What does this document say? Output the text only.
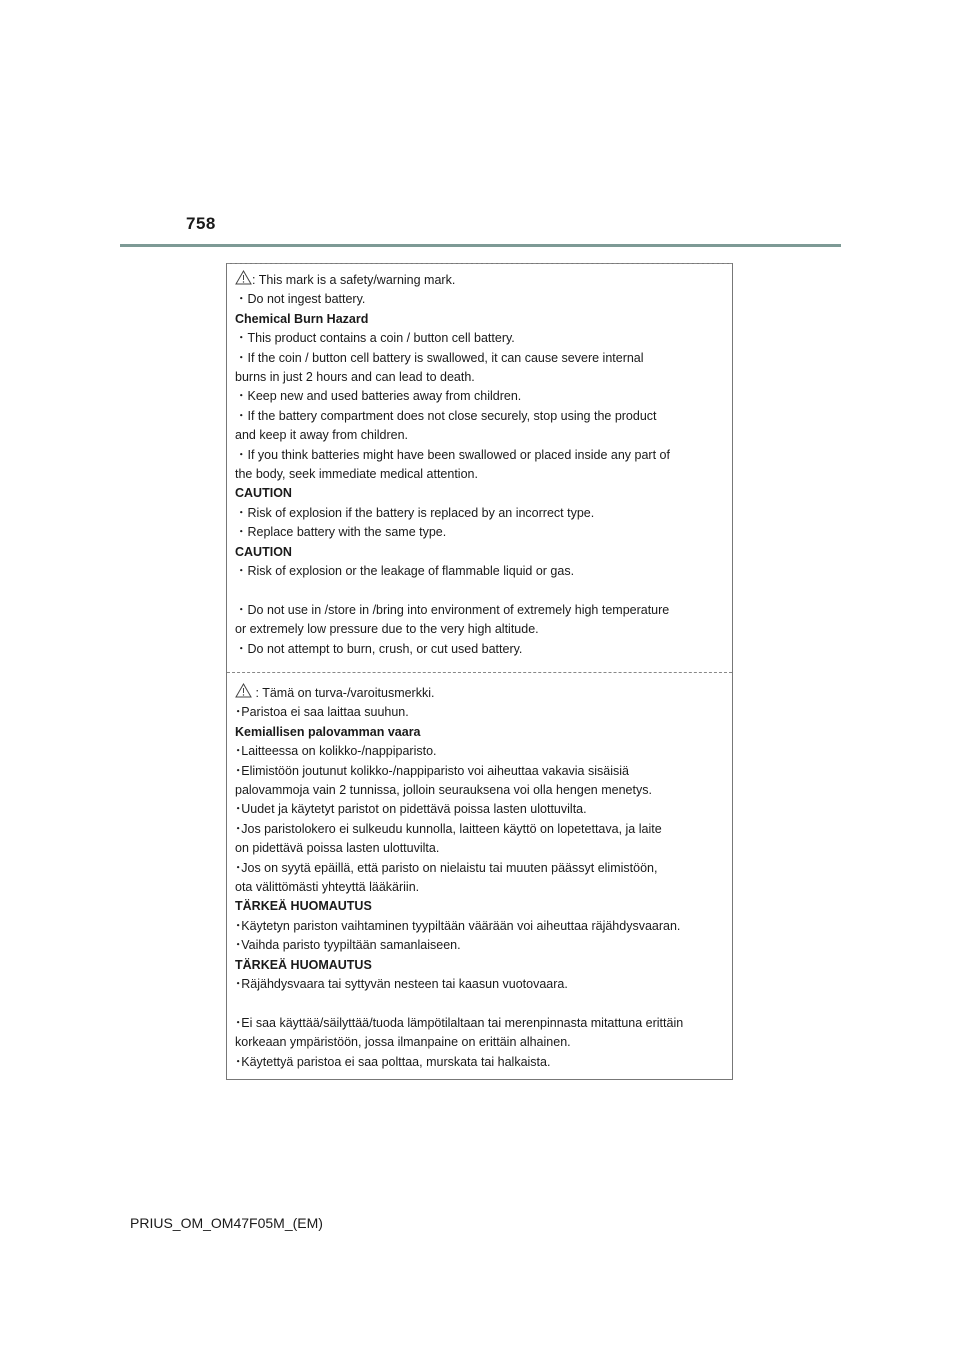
758
: This mark is a safety/warning mark.
・Do not ingest battery.
Chemical Burn Hazard
・This product contains a coin / button cell battery.
・If the coin / button cell battery is swallowed, it can cause severe internal
burns in just 2 hours and can lead to death.
・Keep new and used batteries away from children.
・If the battery compartment does not close securely, stop using the product
and keep it away from children.
・If you think batteries might have been swallowed or placed inside any part of
the body, seek immediate medical attention.
CAUTION
・Risk of explosion if the battery is replaced by an incorrect type.
・Replace battery with the same type.
CAUTION
・Risk of explosion or the leakage of flammable liquid or gas.
・Do not use in /store in /bring into environment of extremely high temperature
or extremely low pressure due to the very high altitude.
・Do not attempt to burn, crush, or cut used battery.
: Tämä on turva-/varoitusmerkki.
･Paristoa ei saa laittaa suuhun.
Kemiallisen palovamman vaara
･Laitteessa on kolikko-/nappiparisto.
･Elimistöön joutunut kolikko-/nappiparisto voi aiheuttaa vakavia sisäisiä
palovammoja vain 2 tunnissa, jolloin seurauksena voi olla hengen menetys.
･Uudet ja käytetyt paristot on pidettävä poissa lasten ulottuvilta.
･Jos paristolokero ei sulkeudu kunnolla, laitteen käyttö on lopetettava, ja laite
on pidettävä poissa lasten ulottuvilta.
･Jos on syytä epäillä, että paristo on nielaistu tai muuten päässyt elimistöön,
ota välittömästi yhteyttä lääkäriin.
TÄRKEÄ HUOMAUTUS
･Käytetyn pariston vaihtaminen tyypiltään väärään voi aiheuttaa räjähdysvaaran.
･Vaihda paristo tyypiltään samanlaiseen.
TÄRKEÄ HUOMAUTUS
･Räjähdysvaara tai syttyvän nesteen tai kaasun vuotovaara.
･Ei saa käyttää/säilyttää/tuoda lämpötilaltaan tai merenpinnasta mitattuna erittäin
korkeaan ympäristöön, jossa ilmanpaine on erittäin alhainen.
･Käytettyä paristoa ei saa polttaa, murskata tai halkaista.
PRIUS_OM_OM47F05M_(EM)
